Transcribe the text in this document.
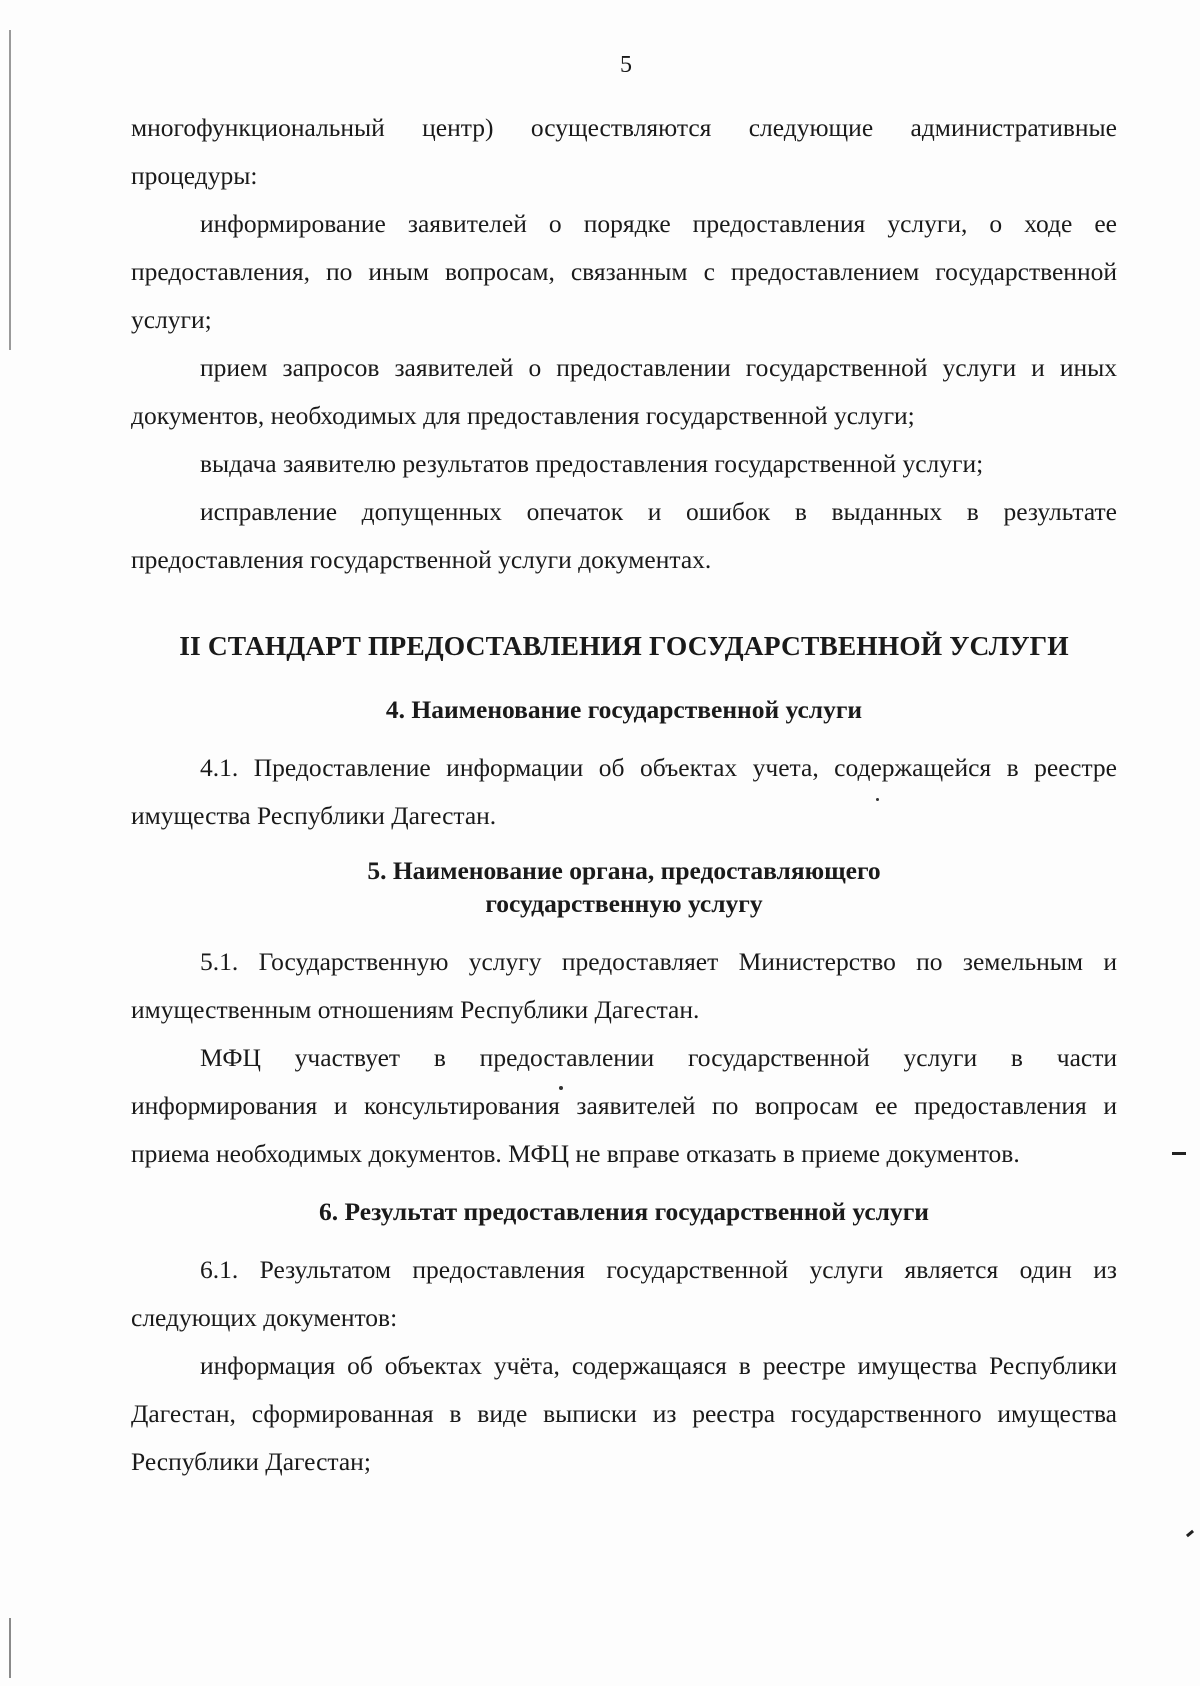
5

многофункциональный центр) осуществляются следующие административные процедуры:

информирование заявителей о порядке предоставления услуги, о ходе ее предоставления, по иным вопросам, связанным с предоставлением государственной услуги;

прием запросов заявителей о предоставлении государственной услуги и иных документов, необходимых для предоставления государственной услуги;

выдача заявителю результатов предоставления государственной услуги;

исправление допущенных опечаток и ошибок в выданных в результате предоставления государственной услуги документах.

II СТАНДАРТ ПРЕДОСТАВЛЕНИЯ ГОСУДАРСТВЕННОЙ УСЛУГИ
4. Наименование государственной услуги

4.1. Предоставление информации об объектах учета, содержащейся в реестре имущества Республики Дагестан.

5. Наименование органа, предоставляющего
государственную услугу

5.1. Государственную услугу предоставляет Министерство по земельным и имущественным отношениям Республики Дагестан.

МФЦ участвует в предоставлении государственной услуги в части информирования и консультирования заявителей по вопросам ее предоставления и приема необходимых документов. МФЦ не вправе отказать в приеме документов.

6. Результат предоставления государственной услуги

6.1. Результатом предоставления государственной услуги является один из следующих документов:

информация об объектах учёта, содержащаяся в реестре имущества Республики Дагестан, сформированная в виде выписки из реестра государственного имущества Республики Дагестан;
